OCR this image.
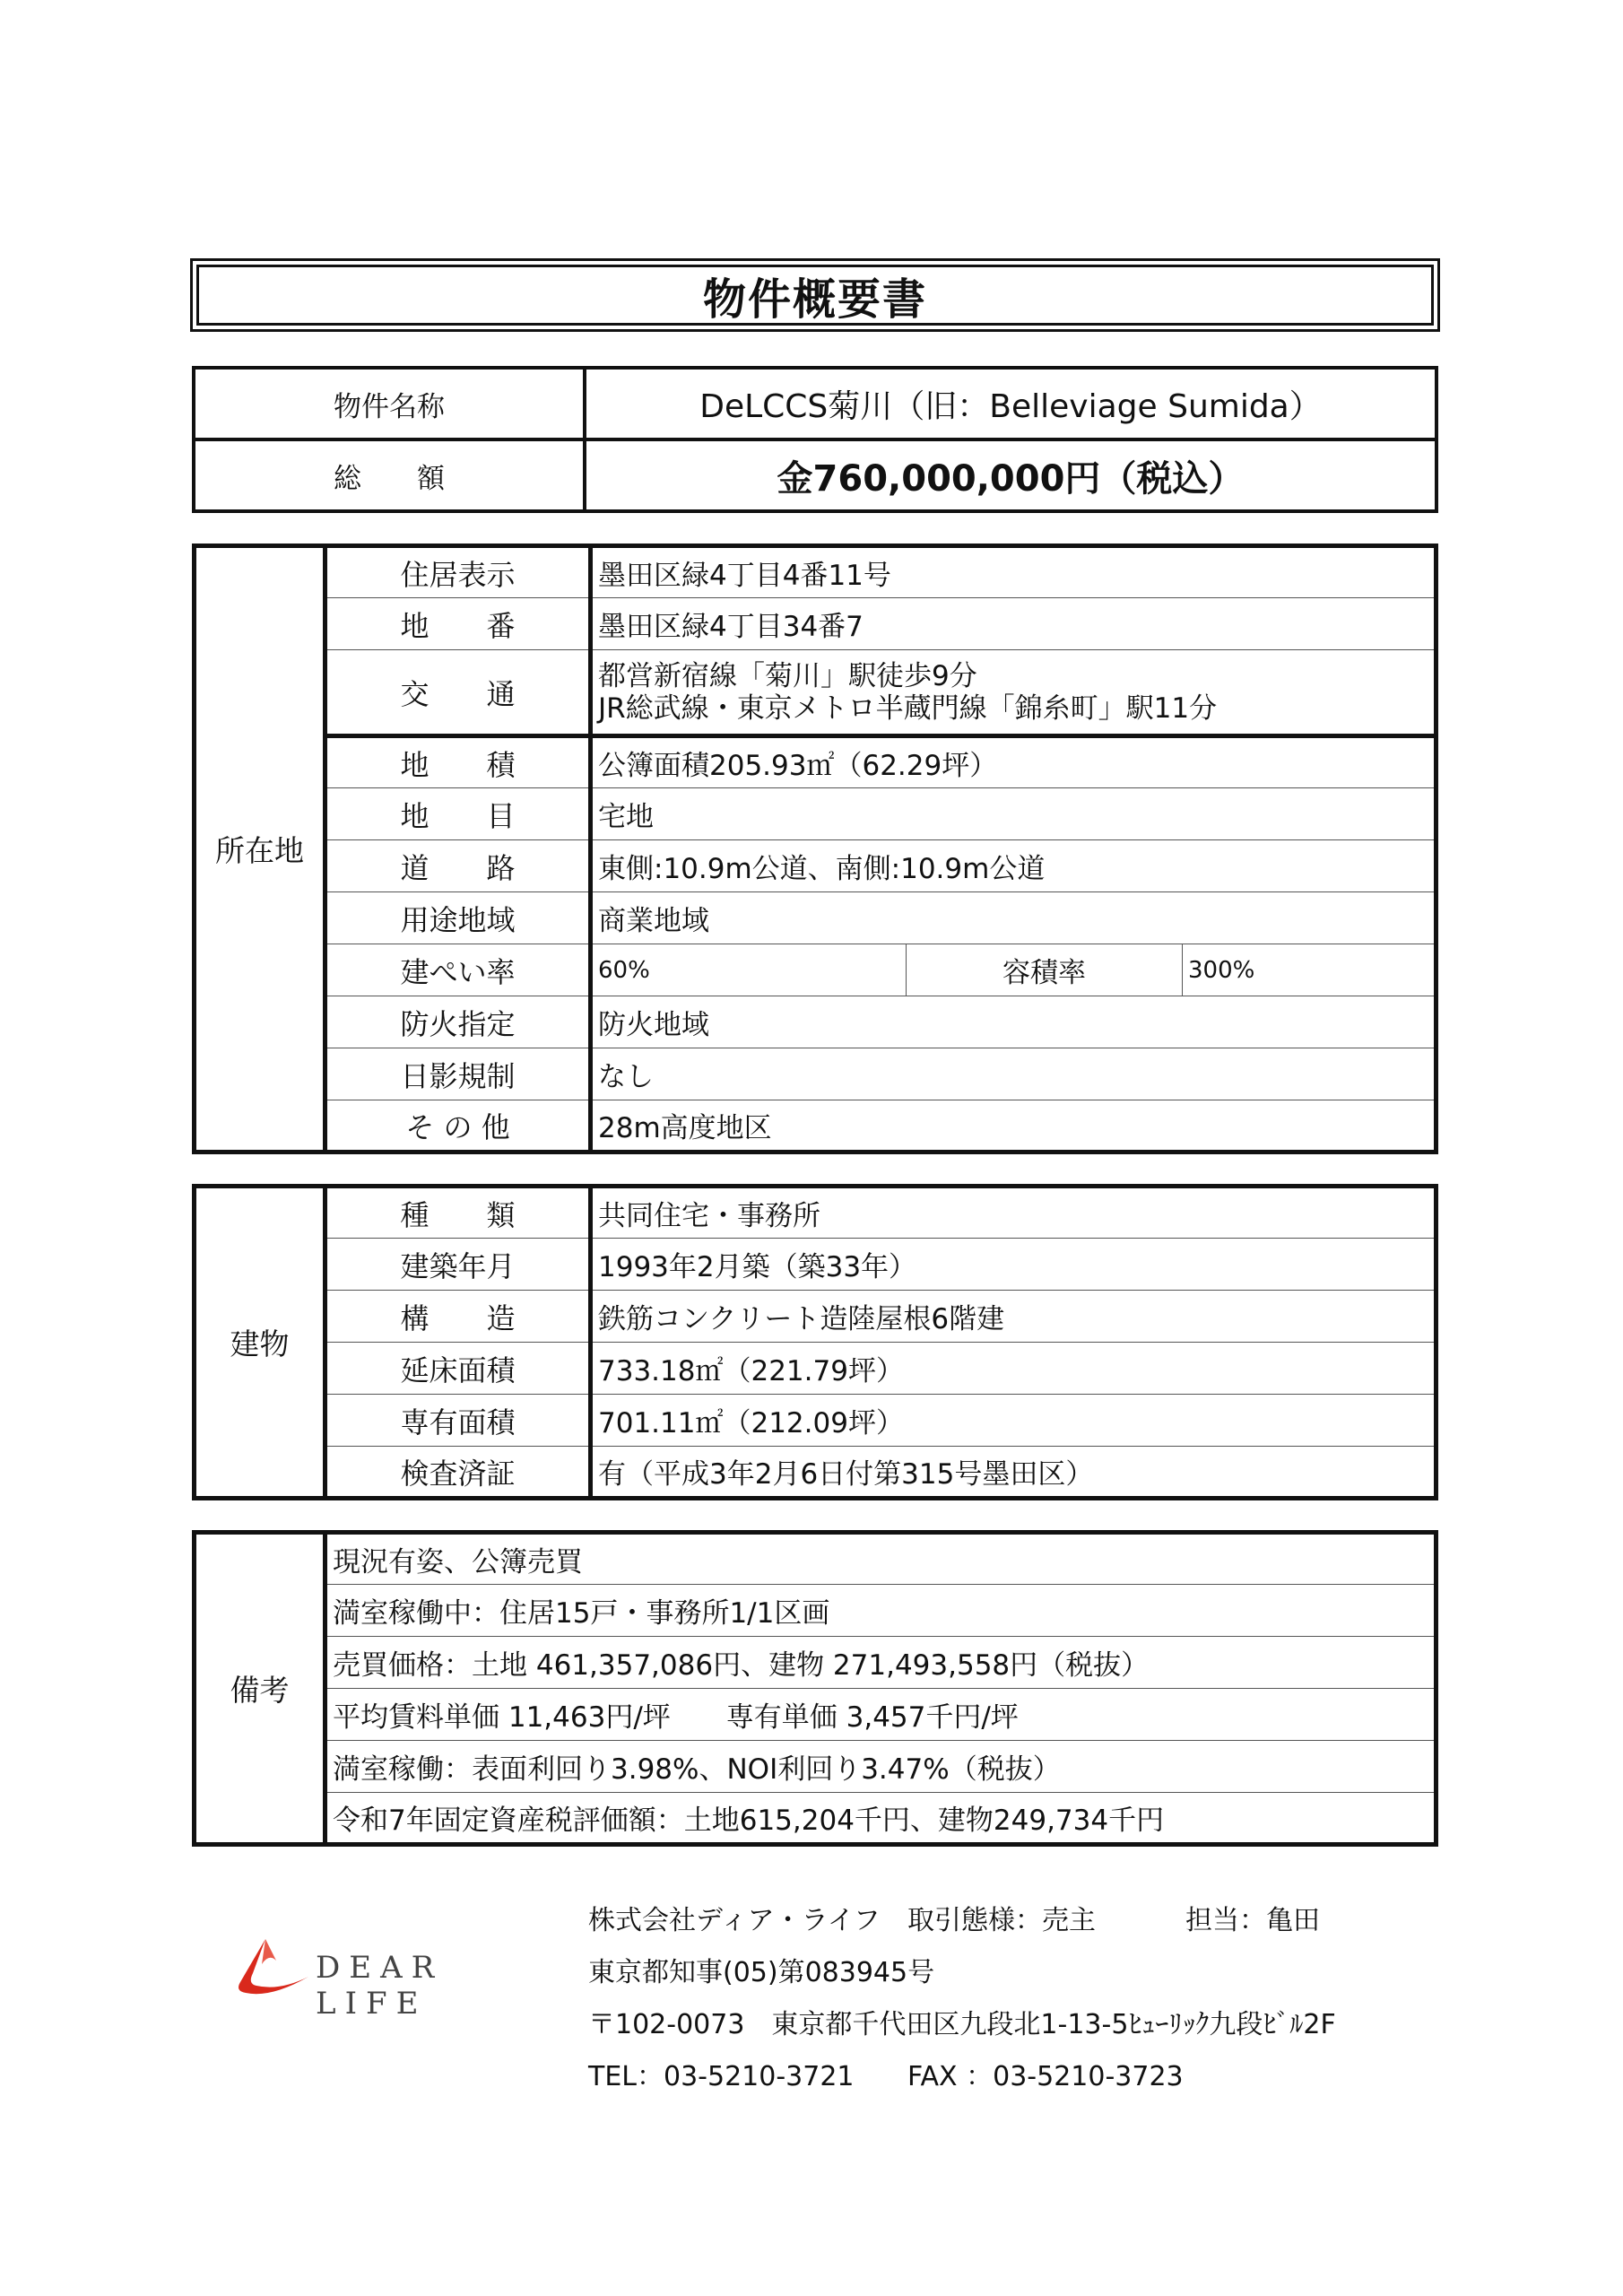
物件概要書
物件名称	DeLCCS菊川（旧：Belleviage Sumida）
総　　額	金760,000,000円（税込）
所在地	住居表示	墨田区緑4丁目4番11号		
	地　　番	墨田区緑4丁目34番7		
	交　　通	都営新宿線「菊川」駅徒歩9分
JR総武線・東京メトロ半蔵門線「錦糸町」駅11分		

	地　　積	公簿面積205.93㎡（62.29坪）		
	地　　目	宅地		
	道　　路	東側:10.9m公道、南側:10.9m公道		
	用途地域	商業地域		
	建ぺい率	60%	容積率	300%
	防火指定	防火地域		
	日影規制	なし		
	そ の 他	28m高度地区		
建物	種　　類	共同住宅・事務所
	建築年月	1993年2月築（築33年）
	構　　造	鉄筋コンクリート造陸屋根6階建
	延床面積	733.18㎡（221.79坪）
	専有面積	701.11㎡（212.09坪）
	検査済証	有（平成3年2月6日付第315号墨田区）
備考	現況有姿、公簿売買
満室稼働中：住居15戸・事務所1/1区画
売買価格：土地 461,357,086円、建物 271,493,558円（税抜）
平均賃料単価 11,463円/坪　　専有単価 3,457千円/坪
満室稼働：表面利回り3.98%、NOI利回り3.47%（税抜）
令和7年固定資産税評価額：土地615,204千円、建物249,734千円
DEAR LIFE
株式会社ディア・ライフ 取引態様：売主	担当：亀田
東京都知事(05)第083945号
〒102-0073　東京都千代田区九段北1-13-5ﾋｭｰﾘｯｸ九段ﾋﾞﾙ2F
TEL：03-5210-3721 FAX ：03-5210-3723
